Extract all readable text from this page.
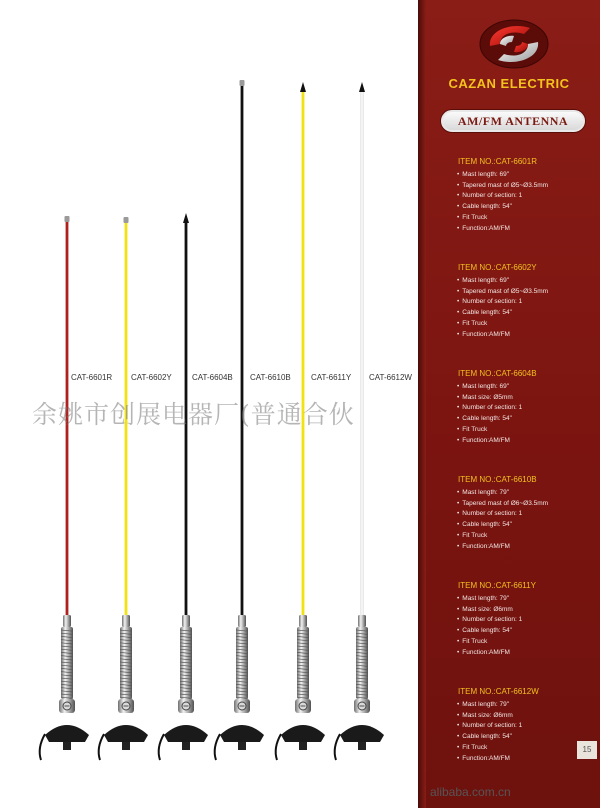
CAT-6601R CAT-6602Y	CAT-6604B CAT-6610B	CAT-6611Y CAT-6612W
CAZAN ELECTRIC
AM/FM ANTENNA
ITEM NO.:CAT-6601R
• Mast length: 69"
• Tapered mast of Ø5~Ø3.5mm
• Number of section: 1
• Cable length: 54"
• Fit Truck
• Function:AM/FM
ITEM NO.:CAT-6602Y
• Mast length: 69"
• Tapered mast of Ø5~Ø3.5mm
• Number of section: 1
• Cable length: 54"
• Fit Truck
• Function:AM/FM
ITEM NO.:CAT-6604B
• Mast length: 69"
• Mast size: Ø5mm
• Number of section: 1
• Cable length: 54"
• Fit Truck
• Function:AM/FM
ITEM NO.:CAT-6610B
• Mast length: 79"
• Tapered mast of Ø6~Ø3.5mm
• Number of section: 1
• Cable length: 54"
• Fit Truck
• Function:AM/FM
ITEM NO.:CAT-6611Y
• Mast length: 79"
• Mast size: Ø6mm
• Number of section: 1
• Cable length: 54"
• Fit Truck
• Function:AM/FM
ITEM NO.:CAT-6612W
• Mast length: 79"
• Mast size: Ø6mm
• Number of section: 1
• Cable length: 54"
• Fit Truck
• Function:AM/FM
15
余姚市创展电器厂(普通合伙
alibaba.com.cn
